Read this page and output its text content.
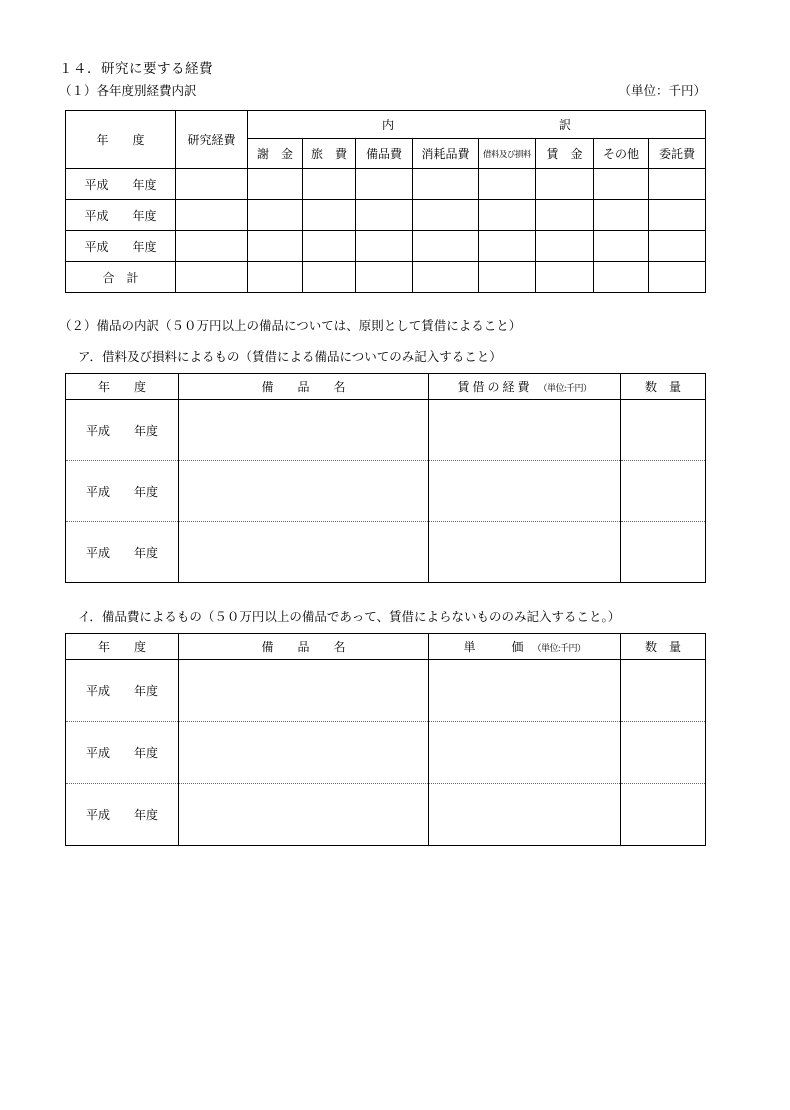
１４．研究に要する経費
（１）各年度別経費内訳	（単位：千円）
年　　度	研究経費	内 訳							

		謝　金	旅　費	備品費	消耗品費	借料及び損料	賃　金	その他	委託費
平成　　年度									
平成　　年度									
平成　　年度									
合　計									
（２）備品の内訳（５０万円以上の備品については、原則として賃借によること）
ア．借料及び損料によるもの（賃借による備品についてのみ記入すること）
年　　度	備　　品　　名	賃 借 の 経 費 （単位:千円）	数　量
平成　　年度			
平成　　年度			
平成　　年度			
イ．備品費によるもの（５０万円以上の備品であって、賃借によらないもののみ記入すること。）
年　　度	備　　品　　名	単　　　価 （単位:千円）	数　量
平成　　年度			
平成　　年度			
平成　　年度			
